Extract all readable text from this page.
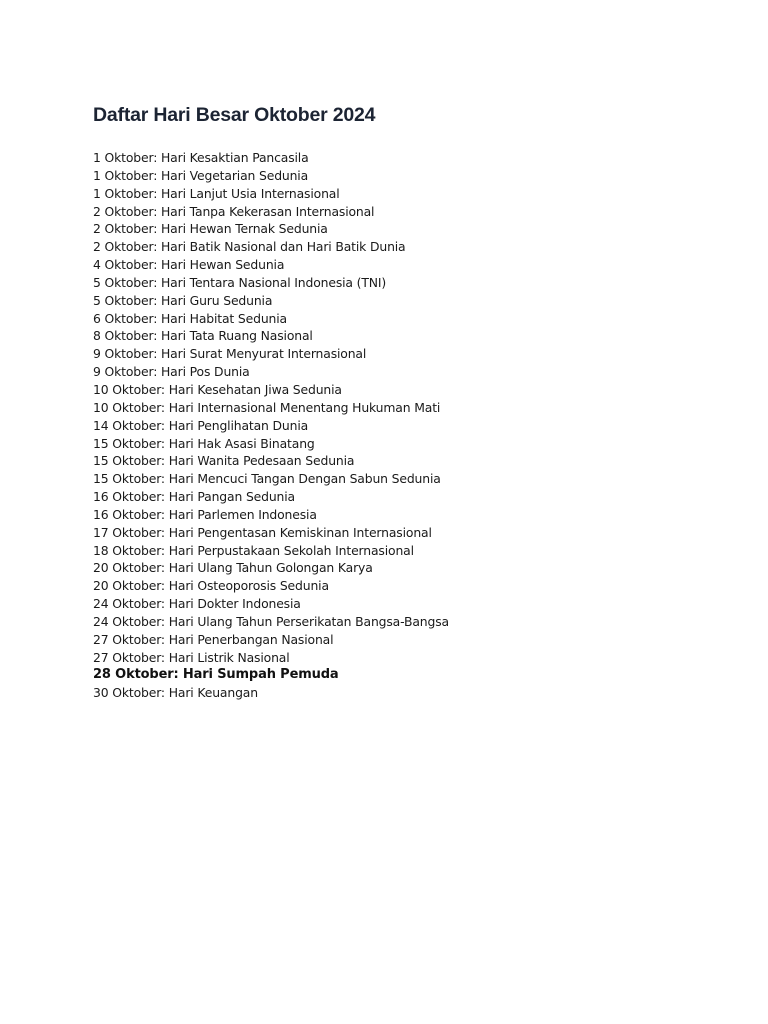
Daftar Hari Besar Oktober 2024
1 Oktober: Hari Kesaktian Pancasila
1 Oktober: Hari Vegetarian Sedunia
1 Oktober: Hari Lanjut Usia Internasional
2 Oktober: Hari Tanpa Kekerasan Internasional
2 Oktober: Hari Hewan Ternak Sedunia
2 Oktober: Hari Batik Nasional dan Hari Batik Dunia
4 Oktober: Hari Hewan Sedunia
5 Oktober: Hari Tentara Nasional Indonesia (TNI)
5 Oktober: Hari Guru Sedunia
6 Oktober: Hari Habitat Sedunia
8 Oktober: Hari Tata Ruang Nasional
9 Oktober: Hari Surat Menyurat Internasional
9 Oktober: Hari Pos Dunia
10 Oktober: Hari Kesehatan Jiwa Sedunia
10 Oktober: Hari Internasional Menentang Hukuman Mati
14 Oktober: Hari Penglihatan Dunia
15 Oktober: Hari Hak Asasi Binatang
15 Oktober: Hari Wanita Pedesaan Sedunia
15 Oktober: Hari Mencuci Tangan Dengan Sabun Sedunia
16 Oktober: Hari Pangan Sedunia
16 Oktober: Hari Parlemen Indonesia
17 Oktober: Hari Pengentasan Kemiskinan Internasional
18 Oktober: Hari Perpustakaan Sekolah Internasional
20 Oktober: Hari Ulang Tahun Golongan Karya
20 Oktober: Hari Osteoporosis Sedunia
24 Oktober: Hari Dokter Indonesia
24 Oktober: Hari Ulang Tahun Perserikatan Bangsa-Bangsa
27 Oktober: Hari Penerbangan Nasional
27 Oktober: Hari Listrik Nasional
28 Oktober: Hari Sumpah Pemuda
30 Oktober: Hari Keuangan
